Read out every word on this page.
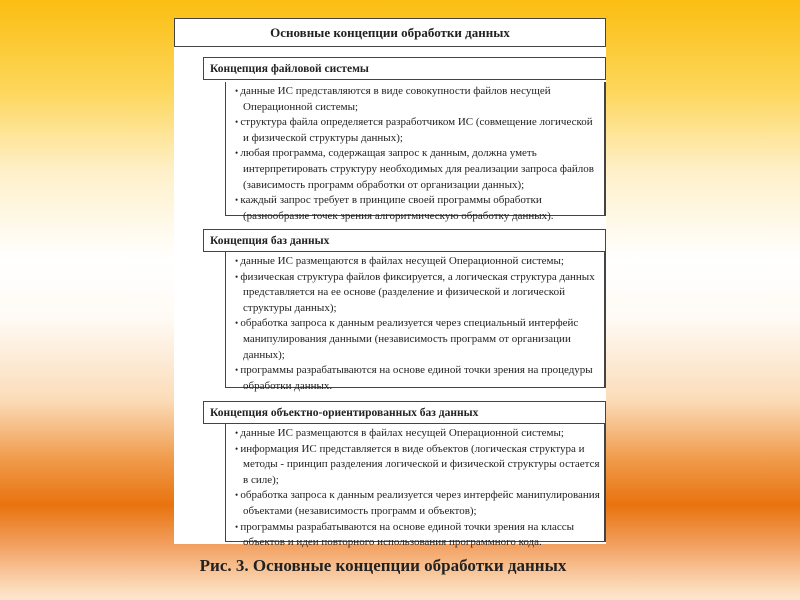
Основные концепции обработки данных
Концепция файловой системы
• данные ИС представляются в виде совокупности файлов несущей Операционной системы;
• структура файла определяется разработчиком ИС (совмещение логической и физической структуры данных);
• любая программа, содержащая запрос к данным, должна уметь интерпретировать структуру необходимых для реализации запроса файлов (зависимость программ обработки от организации данных);
• каждый запрос требует в принципе своей программы обработки (разнообразие точек зрения алгоритмическую обработку данных).
Концепция баз данных
• данные ИС размещаются в файлах несущей Операционной системы;
• физическая структура файлов фиксируется, а логическая структура данных представляется на ее основе (разделение и физической и логической структуры данных);
• обработка запроса к данным реализуется через специальный интерфейс манипулирования данными (независимость программ от организации данных);
• программы разрабатываются на основе единой точки зрения на процедуры обработки данных.
Концепция объектно-ориентированных баз данных
• данные ИС размещаются в файлах несущей Операционной системы;
• информация ИС представляется в виде объектов (логическая структура и методы - принцип разделения логической и физической структуры остается в силе);
• обработка запроса к данным реализуется через интерфейс манипулирования объектами (независимость программ и объектов);
• программы разрабатываются на основе единой точки зрения на классы объектов и идеи повторного использования программного кода.
Рис. 3. Основные концепции обработки данных
